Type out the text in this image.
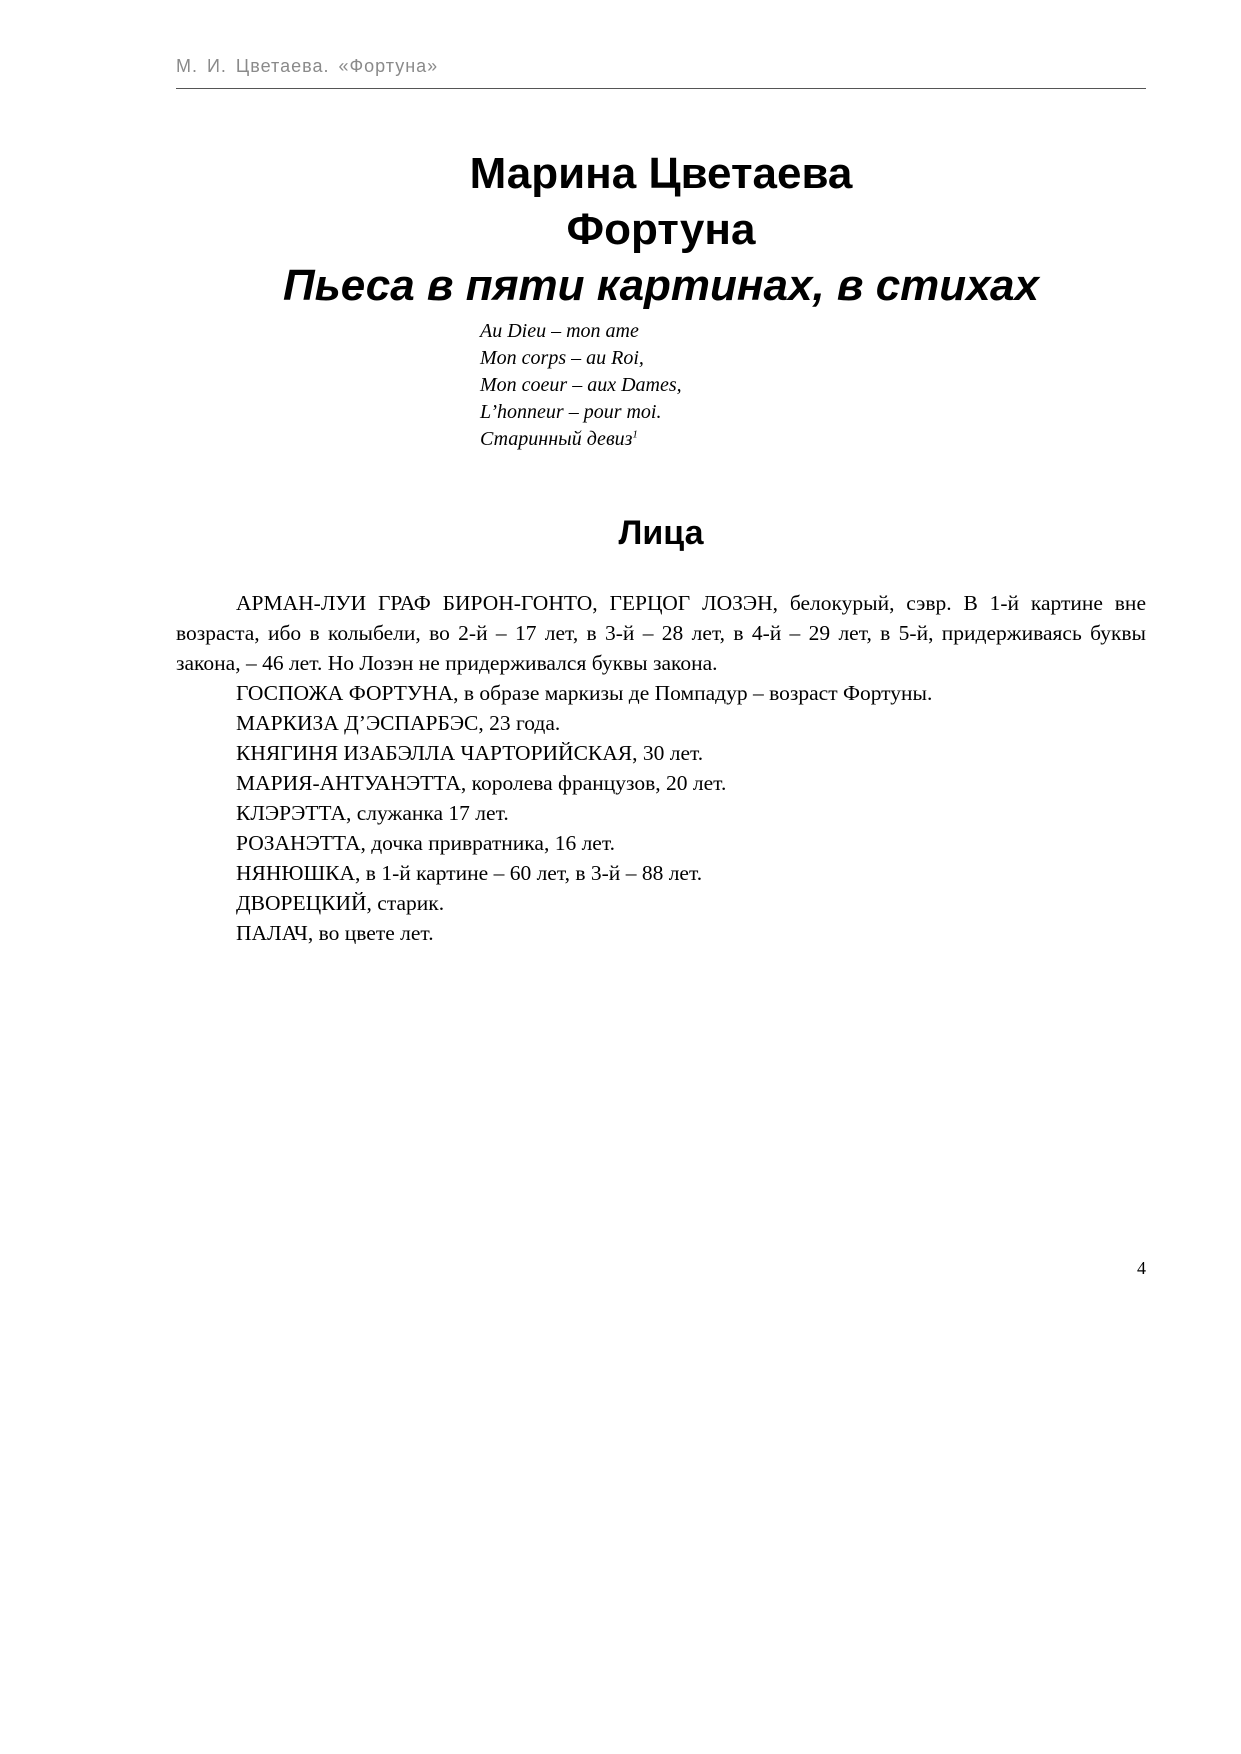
М. И. Цветаева. «Фортуна»
Марина Цветаева
Фортуна
Пьеса в пяти картинах, в стихах
Au Dieu – mon ame
Mon corps – au Roi,
Mon coeur – aux Dames,
L’honneur – pour moi.
Старинный девиз$^1$
Лица

АРМАН-ЛУИ ГРАФ БИРОН-ГОНТО, ГЕРЦОГ ЛОЗЭН, белокурый, сэвр. В 1-й картине вне возраста, ибо в колыбели, во 2-й – 17 лет, в 3-й – 28 лет, в 4-й – 29 лет, в 5-й, придерживаясь буквы закона, – 46 лет. Но Лозэн не придерживался буквы закона.

ГОСПОЖА ФОРТУНА, в образе маркизы де Помпадур – возраст Фортуны.

МАРКИЗА Д’ЭСПАРБЭС, 23 года.

КНЯГИНЯ ИЗАБЭЛЛА ЧАРТОРИЙСКАЯ, 30 лет.

МАРИЯ-АНТУАНЭТТА, королева французов, 20 лет.

КЛЭРЭТТА, служанка 17 лет.

РОЗАНЭТТА, дочка привратника, 16 лет.

НЯНЮШКА, в 1-й картине – 60 лет, в 3-й – 88 лет.

ДВОРЕЦКИЙ, старик.

ПАЛАЧ, во цвете лет.

4
